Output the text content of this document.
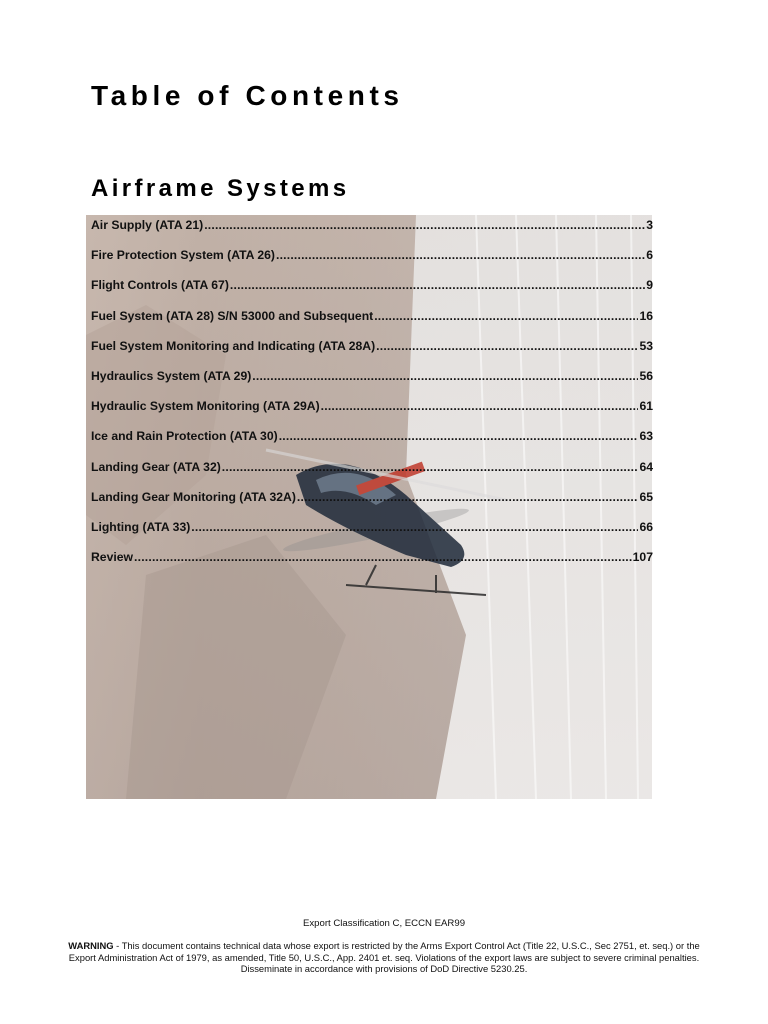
Table of Contents
Airframe Systems
Air Supply (ATA 21) .....	3
Fire Protection System (ATA 26) .....	6
Flight Controls (ATA 67) .....	9
Fuel System (ATA 28) S/N 53000 and Subsequent .....	16
Fuel System Monitoring and Indicating (ATA 28A) .....	53
Hydraulics System (ATA 29) .....	56
Hydraulic System Monitoring (ATA 29A) .....	61
Ice and Rain Protection (ATA 30) .....	63
Landing Gear (ATA 32) .....	64
Landing Gear Monitoring (ATA 32A) .....	65
Lighting (ATA 33) .....	66
Review .....	107
Export Classification C, ECCN EAR99
WARNING - This document contains technical data whose export is restricted by the Arms Export Control Act (Title 22, U.S.C., Sec 2751, et. seq.) or the Export Administration Act of 1979, as amended, Title 50, U.S.C., App. 2401 et. seq. Violations of the export laws are subject to severe criminal penalties. Disseminate in accordance with provisions of DoD Directive 5230.25.
